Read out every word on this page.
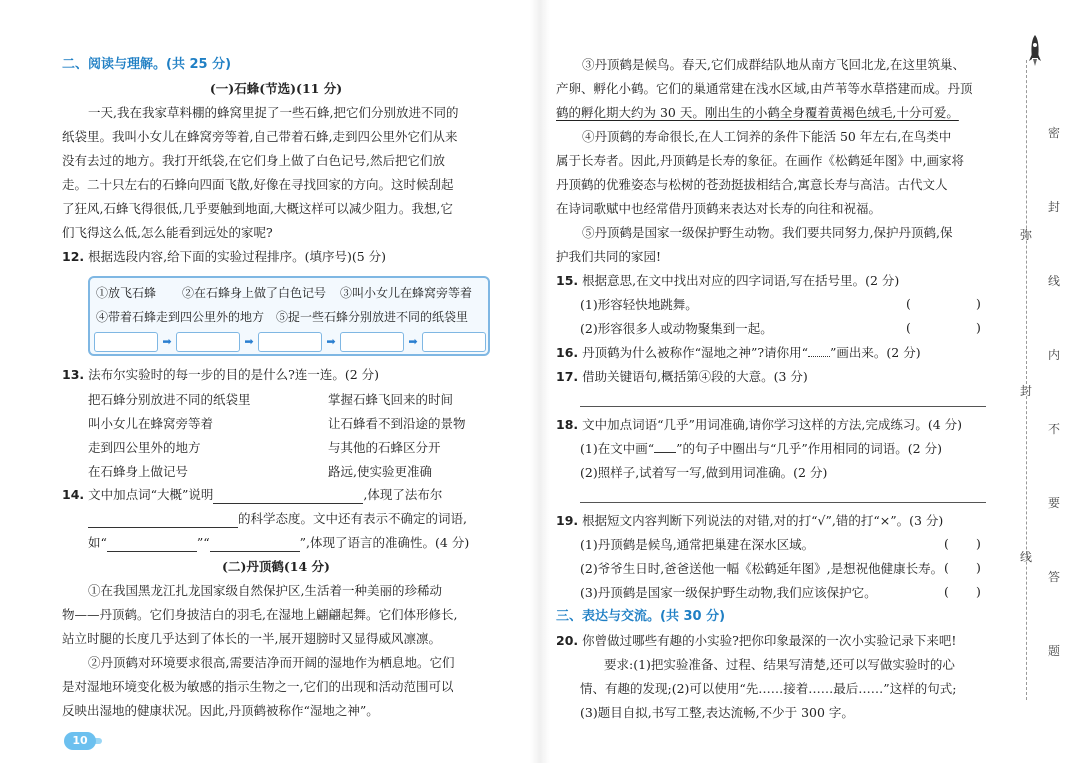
二、阅读与理解。(共 25 分)
(一)石蜂(节选)(11 分)
一天,我在我家草料棚的蜂窝里捉了一些石蜂,把它们分别放进不同的
纸袋里。我叫小女儿在蜂窝旁等着,自己带着石蜂,走到四公里外它们从来
没有去过的地方。我打开纸袋,在它们身上做了白色记号,然后把它们放
走。二十只左右的石蜂向四面飞散,好像在寻找回家的方向。这时候刮起
了狂风,石蜂飞得很低,几乎要触到地面,大概这样可以减少阻力。我想,它
们飞得这么低,怎么能看到远处的家呢?
12. 根据选段内容,给下面的实验过程排序。(填序号)(5 分)
①放飞石蜂 ②在石蜂身上做了白色记号 ③叫小女儿在蜂窝旁等着
④带着石蜂走到四公里外的地方 ⑤捉一些石蜂分别放进不同的纸袋里
➡	➡	➡	➡
13. 法布尔实验时的每一步的目的是什么?连一连。(2 分)
把石蜂分别放进不同的纸袋里
叫小女儿在蜂窝旁等着
走到四公里外的地方
在石蜂身上做记号
掌握石蜂飞回来的时间
让石蜂看不到沿途的景物
与其他的石蜂区分开
路远,使实验更准确
14. 文中加点词“大概”说明	,体现了法布尔
的科学态度。文中还有表示不确定的词语,
如“	”“	”,体现了语言的准确性。(4 分)
(二)丹顶鹤(14 分)
①在我国黑龙江扎龙国家级自然保护区,生活着一种美丽的珍稀动
物——丹顶鹤。它们身披洁白的羽毛,在湿地上翩翩起舞。它们体形修长,
站立时腿的长度几乎达到了体长的一半,展开翅膀时又显得威风凛凛。
②丹顶鹤对环境要求很高,需要洁净而开阔的湿地作为栖息地。它们
是对湿地环境变化极为敏感的指示生物之一,它们的出现和活动范围可以
反映出湿地的健康状况。因此,丹顶鹤被称作“湿地之神”。
③丹顶鹤是候鸟。春天,它们成群结队地从南方飞回北龙,在这里筑巢、
产卵、孵化小鹤。它们的巢通常建在浅水区域,由芦苇等水草搭建而成。丹顶
鹤的孵化期大约为 30 天。刚出生的小鹤全身覆着黄褐色绒毛,十分可爱。
④丹顶鹤的寿命很长,在人工饲养的条件下能活 50 年左右,在鸟类中
属于长寿者。因此,丹顶鹤是长寿的象征。在画作《松鹤延年图》中,画家将
丹顶鹤的优雅姿态与松树的苍劲挺拔相结合,寓意长寿与高洁。古代文人
在诗词歌赋中也经常借丹顶鹤来表达对长寿的向往和祝福。
⑤丹顶鹤是国家一级保护野生动物。我们要共同努力,保护丹顶鹤,保
护我们共同的家园!
15. 根据意思,在文中找出对应的四字词语,写在括号里。(2 分)
(1)形容轻快地跳舞。	(	)
(2)形容很多人或动物聚集到一起。	(	)
16. 丹顶鹤为什么被称作“湿地之神”?请你用“ ”画出来。(2 分)
17. 借助关键语句,概括第④段的大意。(3 分)
18. 文中加点词语“几乎”用词准确,请你学习这样的方法,完成练习。(4 分)
(1)在文中画“ ”的句子中圈出与“几乎”作用相同的词语。(2 分)
(2)照样子,试着写一写,做到用词准确。(2 分)
19. 根据短文内容判断下列说法的对错,对的打“√”,错的打“×”。(3 分)
(1)丹顶鹤是候鸟,通常把巢建在深水区域。	( )
(2)爷爷生日时,爸爸送他一幅《松鹤延年图》,是想祝他健康长寿。 ( )
(3)丹顶鹤是国家一级保护野生动物,我们应该保护它。	( )
三、表达与交流。(共 30 分)
20. 你曾做过哪些有趣的小实验?把你印象最深的一次小实验记录下来吧!
要求:(1)把实验准备、过程、结果写清楚,还可以写做实验时的心
情、有趣的发现;(2)可以使用“先……接着……最后……”这样的句式;
(3)题目自拟,书写工整,表达流畅,不少于 300 字。
弥
封
线
密
封
线
内
不
要
答
题
10
